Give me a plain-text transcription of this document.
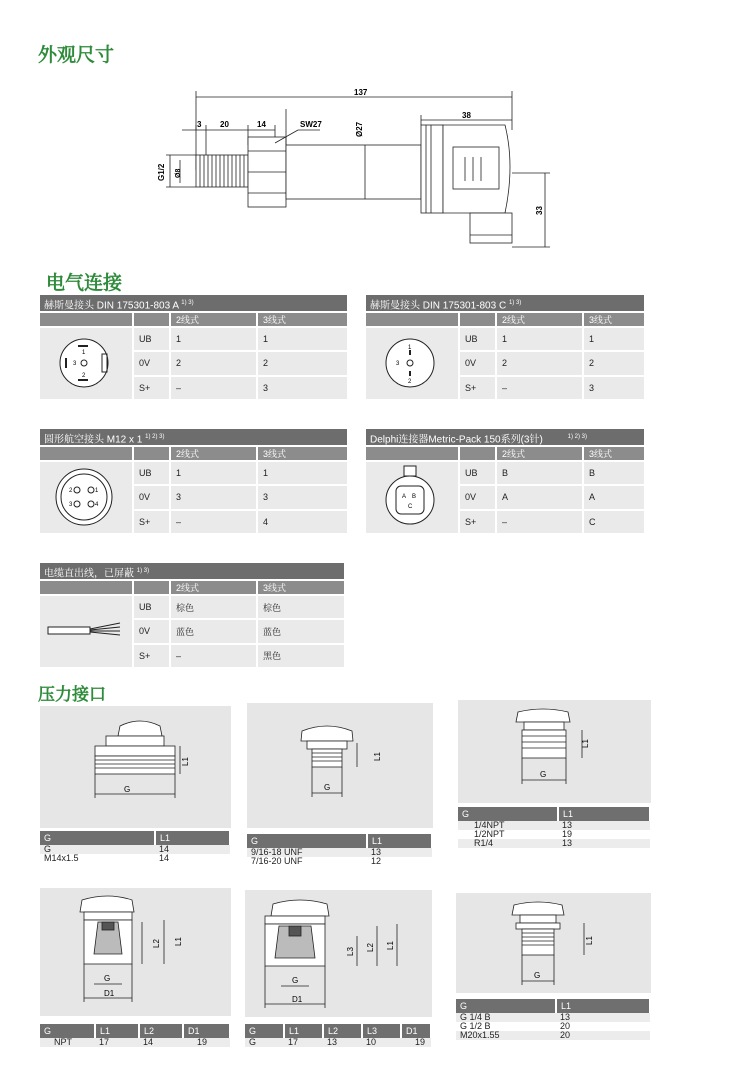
外观尺寸
电气连接
压力接口
137
3 20	14	SW27	Ø27
38
G1/2 Ø8
33
赫斯曼接头 DIN 175301-803 A $^{1) 3)}$
		2线式	3线式

1
2
3	UB	1	1
	0V	2	2
	S+	–	3
赫斯曼接头 DIN 175301-803 C $^{1) 3)}$
		2线式	3线式

1
2
3	UB	1	1
	0V	2	2
	S+	–	3
圆形航空接头 M12 x 1 $^{1) 2) 3)}$
		2线式	3线式

2 1
3 4	UB	1	1
	0V	3	3
	S+	–	4
Delphi连接器Metric-Pack 150系列(3针)	$^{1) 2) 3)}$
		2线式	3线式

A B
C	UB	B	B
	0V	A	A
	S+	–	C
电缆直出线，已屏蔽 $^{1) 3)}$
		2线式	3线式
	UB	棕色	棕色
	0V	蓝色	蓝色
	S+	–	黑色
G
L1
G	L1
G	14
M14x1.5	14
G
L1
G	L1
9/16-18 UNF	13
7/16-20 UNF	12
G
L1
G	L1
1/4NPT	13
1/2NPT	19
R1/4	13
G
D1
L2 L1
G	L1	L2	D1
NPT	17	14	19
G
D1
L3 L2 L1
G	L1	L2	L3	D1
G	17	13	10	19
G
L1
G	L1
G 1/4 B	13
G 1/2 B	20
M20x1.55	20
